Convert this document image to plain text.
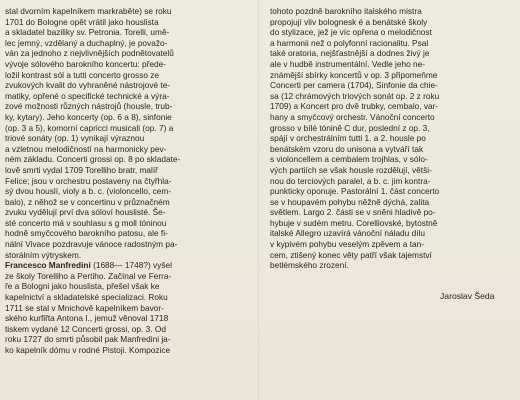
stal dvorním kapelníkem markraběte) se roku
1701 do Bologne opět vrátil jako houslista
a skladatel baziliky sv. Petronia. Torelli, umě-
lec jemný, vzdělaný a duchaplný, je považo-
ván za jednoho z nejvlivnějších podnětovatelů
vývoje sólového barokního koncertu: přede-
ložil kontrast sól a tutti concerto grosso ze
zvukových kvalit do vyhraněné nástrojové te-
matiky, opřené o specifické technické a výra-
zové možnosti různých nástrojů (housle, trub-
ky, kytary). Jeho koncerty (op. 6 a 8), sinfonie
(op. 3 a 5), komorní capricci musicali (op. 7) a
triové sonáty (op. 1) vynikají výraznou
a vzletnou melodičností na harmonicky pev-
ném základu. Concerti grossi op. 8 po skladate-
lově smrti vydal 1709 Torelliho bratr, malíř
Felice; jsou v orchestru postaveny na čtyřhla-
sý dvou houslí, violy a b. c. (violoncello, cem-
balo), z něhož se v concertinu v průznačném
zvuku vydělují prví dva sóloví houslisté. Še-
sté concerto má v souhlasu s g moll tóninou
hodně smyčcového barokního patosu, ale fi-
nální Vivace pozdravuje vánoce radostným pa-
storálním výtryskem.
Francesco Manfredini (1688— 1748?) vyšel
ze školy Torelliho a Pertiho. Začínal ve Ferra-
ře a Bologni jako houslista, přešel však ke
kapelnictví a skladatelské specializaci. Roku
1711 se stal v Mnichově kapelníkem bavor-
ského kurfiřta Antona I., jemuž věnoval 1718
tiskem vydané 12 Concerti grossi, op. 3. Od
roku 1727 do smrti působil pak Manfredini ja-
ko kapelník dómu v rodné Pistoji. Kompozice
tohoto pozdně barokního italského mistra
propojují vliv bolognesk é a benátské školy
do stylizace, jež je víc opřena o melodičnost
a harmonii než o polyfonní racionalitu. Psal
také oratoria, nejšťastnější a dodnes živý je
ale v hudbě instrumentální. Vedle jeho ne-
známější sbírky koncertů v op. 3 připomeňme
Concerti per camera (1704), Sinfonie da chie-
sa (12 chrámových triových sonát op. 2 z roku
1709) a Koncert pro dvě trubky, cembalo, var-
hany a smyčcový orchestr. Vánoční concerto
grosso v bílé tónině C dur, poslední z op. 3,
spájí v orchestrálním tutti 1. a 2. housle po
benátském vzoru do unisona a vytváří tak
s violoncellem a cembalem trojhlas, v sólo-
vých partiích se však housle rozdělují, větši-
nou do terciových paralel, a b. c. jim kontra-
punkticky oponuje. Pastorální 1. část concerto
se v houpavém pohybu něžně dýchá, zalita
světlem. Largo 2. části se v sněni hladivě po-
hybuje v sudém metru. Corelliovské, bytostně
italské Allegro uzavírá vánoční náladu dílu
v kypivém pohybu veselým zpěvem a tan-
cem, ztišený konec věty patří však tajemství
betlémského zrození.
Jaroslav Šeda
